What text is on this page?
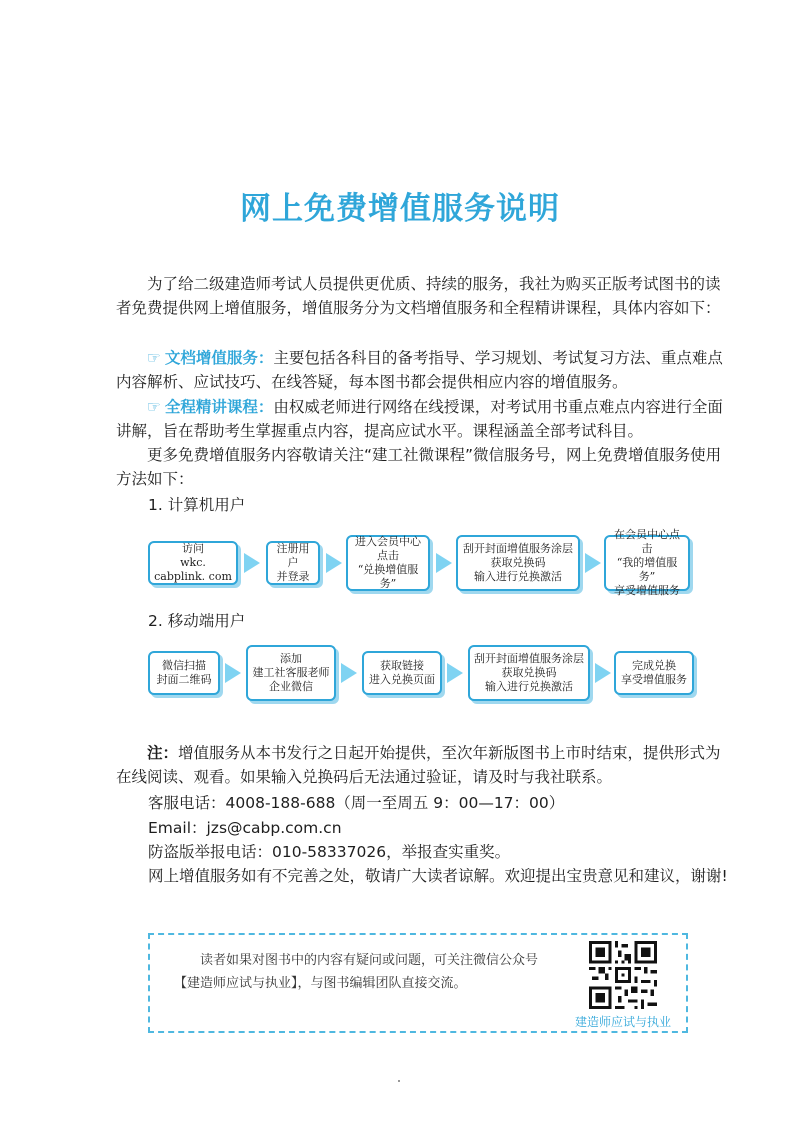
网上免费增值服务说明

为了给二级建造师考试人员提供更优质、持续的服务，我社为购买正版考试图书的读者免费提供网上增值服务，增值服务分为文档增值服务和全程精讲课程，具体内容如下：

☞ 文档增值服务：主要包括各科目的备考指导、学习规划、考试复习方法、重点难点内容解析、应试技巧、在线答疑，每本图书都会提供相应内容的增值服务。

☞ 全程精讲课程：由权威老师进行网络在线授课，对考试用书重点难点内容进行全面讲解，旨在帮助考生掌握重点内容，提高应试水平。课程涵盖全部考试科目。

更多免费增值服务内容敬请关注“建工社微课程”微信服务号，网上免费增值服务使用方法如下：

1. 计算机用户
访问
wkc. cabplink. com
注册用户
并登录
进入会员中心
点击
“兑换增值服务”
刮开封面增值服务涂层
获取兑换码
输入进行兑换激活
在会员中心点击
“我的增值服务”
享受增值服务
2. 移动端用户
微信扫描
封面二维码
添加
建工社客服老师
企业微信
获取链接
进入兑换页面
刮开封面增值服务涂层
获取兑换码
输入进行兑换激活
完成兑换
享受增值服务
注：增值服务从本书发行之日起开始提供，至次年新版图书上市时结束，提供形式为在线阅读、观看。如果输入兑换码后无法通过验证，请及时与我社联系。
客服电话：4008-188-688（周一至周五 9：00—17：00）
Email：jzs@cabp.com.cn
防盗版举报电话：010-58337026，举报查实重奖。
网上增值服务如有不完善之处，敬请广大读者谅解。欢迎提出宝贵意见和建议，谢谢!
读者如果对图书中的内容有疑问或问题，可关注微信公众号【建造师应试与执业】，与图书编辑团队直接交流。
建造师应试与执业
